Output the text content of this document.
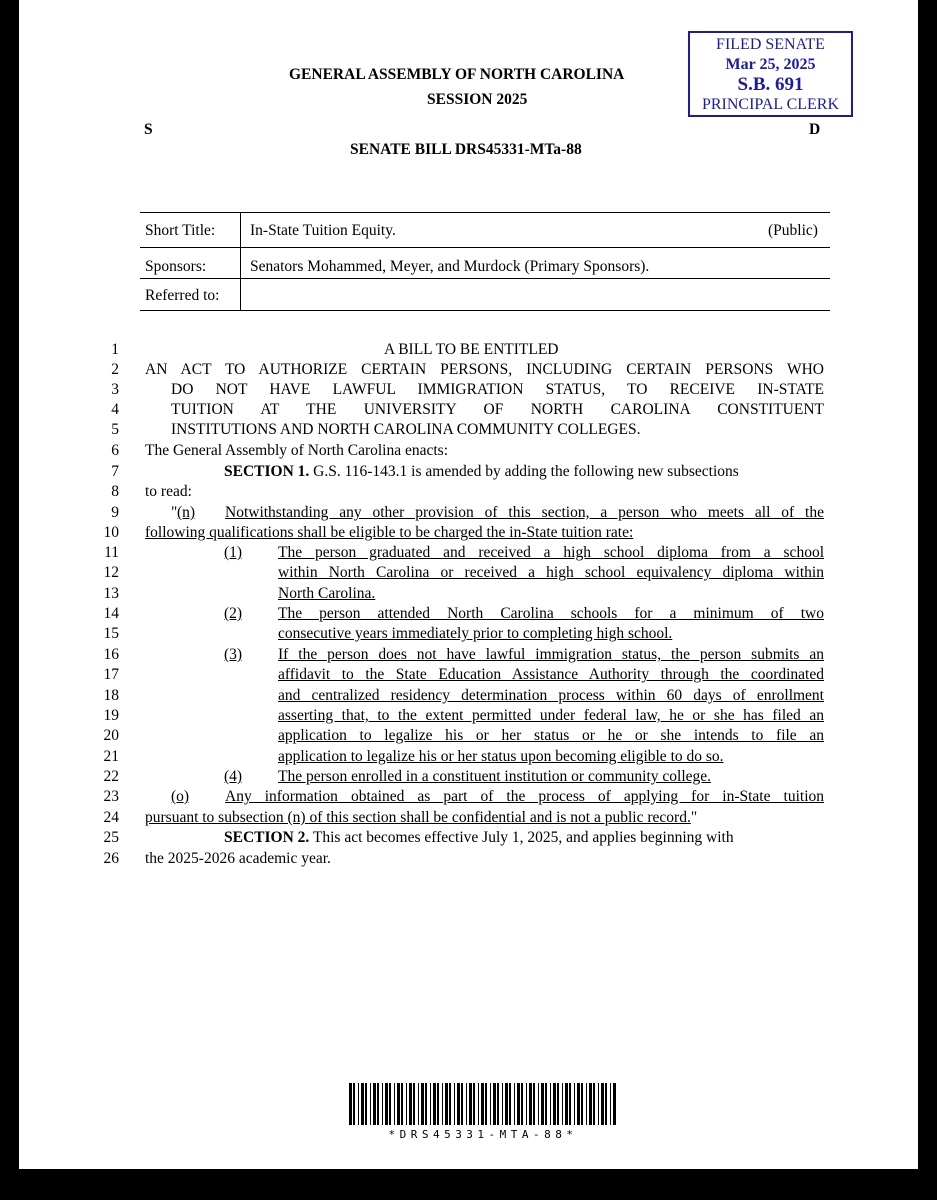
GENERAL ASSEMBLY OF NORTH CAROLINA
SESSION 2025
S	D
SENATE BILL DRS45331-MTa-88
FILED SENATE
Mar 25, 2025
S.B. 691
PRINCIPAL CLERK
Short Title: In-State Tuition Equity.	(Public)
Sponsors:	Senators Mohammed, Meyer, and Murdock (Primary Sponsors).
Referred to:
1
2
3
4
5
6
7
8
9
10
11
12
13
14
15
16
17
18
19
20
21
22
23
24
25
26
A BILL TO BE ENTITLED
AN ACT TO AUTHORIZE CERTAIN PERSONS, INCLUDING CERTAIN PERSONS WHO
DO NOT HAVE LAWFUL IMMIGRATION STATUS, TO RECEIVE IN-STATE
TUITION AT THE UNIVERSITY OF NORTH CAROLINA CONSTITUENT
INSTITUTIONS AND NORTH CAROLINA COMMUNITY COLLEGES.
The General Assembly of North Carolina enacts:
SECTION 1. G.S. 116-143.1 is amended by adding the following new subsections
to read:
" (n) Notwithstanding any other provision of this section, a person who meets all of the
following qualifications shall be eligible to be charged the in-State tuition rate:
(1) The person graduated and received a high school diploma from a school
within North Carolina or received a high school equivalency diploma within
North Carolina.
(2) The person attended North Carolina schools for a minimum of two
consecutive years immediately prior to completing high school.
(3) If the person does not have lawful immigration status, the person submits an
affidavit to the State Education Assistance Authority through the coordinated
and centralized residency determination process within 60 days of enrollment
asserting that, to the extent permitted under federal law, he or she has filed an
application to legalize his or her status or he or she intends to file an
application to legalize his or her status upon becoming eligible to do so.
(4) The person enrolled in a constituent institution or community college.
(o) Any information obtained as part of the process of applying for in-State tuition
pursuant to subsection (n) of this section shall be confidential and is not a public record."
SECTION 2. This act becomes effective July 1, 2025, and applies beginning with
the 2025-2026 academic year.
*DRS45331-MTA-88*
